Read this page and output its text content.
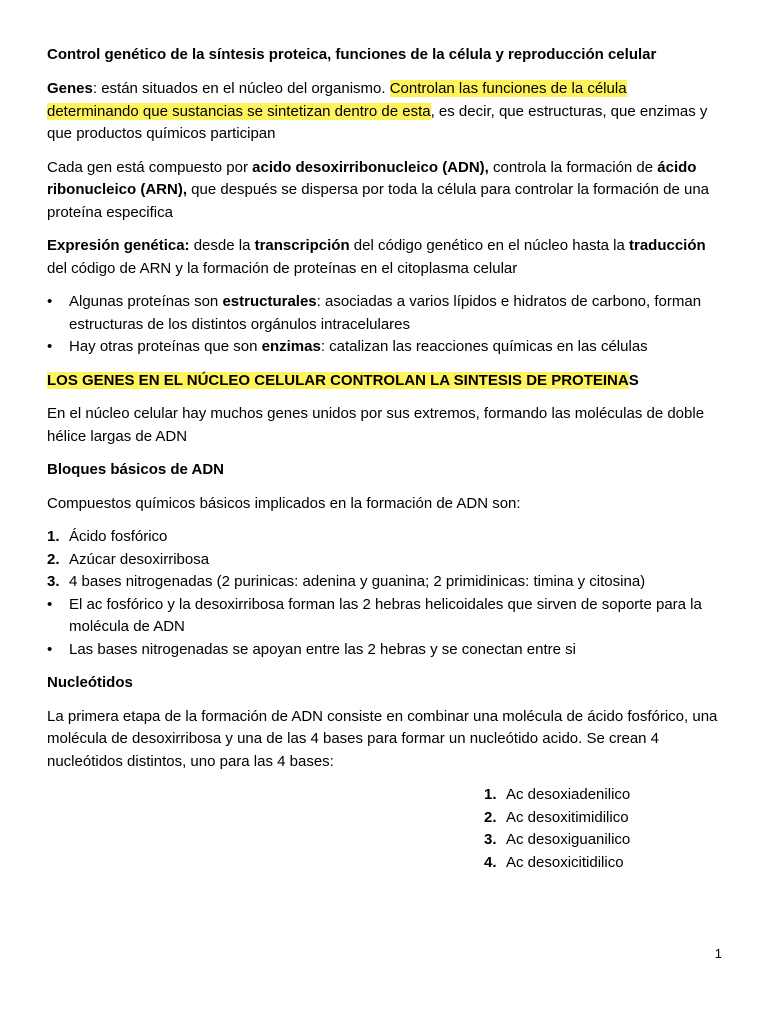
Control genético de la síntesis proteica, funciones de la célula y reproducción celular

Genes: están situados en el núcleo del organismo. Controlan las funciones de la célula determinando que sustancias se sintetizan dentro de esta, es decir, que estructuras, que enzimas y que productos químicos participan

Cada gen está compuesto por acido desoxirribonucleico (ADN), controla la formación de ácido ribonucleico (ARN), que después se dispersa por toda la célula para controlar la formación de una proteína especifica

Expresión genética: desde la transcripción del código genético en el núcleo hasta la traducción del código de ARN y la formación de proteínas en el citoplasma celular

• Algunas proteínas son estructurales: asociadas a varios lípidos e hidratos de carbono, forman estructuras de los distintos orgánulos intracelulares
• Hay otras proteínas que son enzimas: catalizan las reacciones químicas en las células

LOS GENES EN EL NÚCLEO CELULAR CONTROLAN LA SINTESIS DE PROTEINAS

En el núcleo celular hay muchos genes unidos por sus extremos, formando las moléculas de doble hélice largas de ADN

Bloques básicos de ADN

Compuestos químicos básicos implicados en la formación de ADN son:

1. Ácido fosfórico
2. Azúcar desoxirribosa
3. 4 bases nitrogenadas (2 purinicas: adenina y guanina; 2 primidinicas: timina y citosina)
• El ac fosfórico y la desoxirribosa forman las 2 hebras helicoidales que sirven de soporte para la molécula de ADN
• Las bases nitrogenadas se apoyan entre las 2 hebras y se conectan entre si

Nucleótidos

La primera etapa de la formación de ADN consiste en combinar una molécula de ácido fosfórico, una molécula de desoxirribosa y una de las 4 bases para formar un nucleótido acido. Se crean 4 nucleótidos distintos, uno para las 4 bases:

1. Ac desoxiadenilico
2. Ac desoxitimidilico
3. Ac desoxiguanilico
4. Ac desoxicitidilico
1
